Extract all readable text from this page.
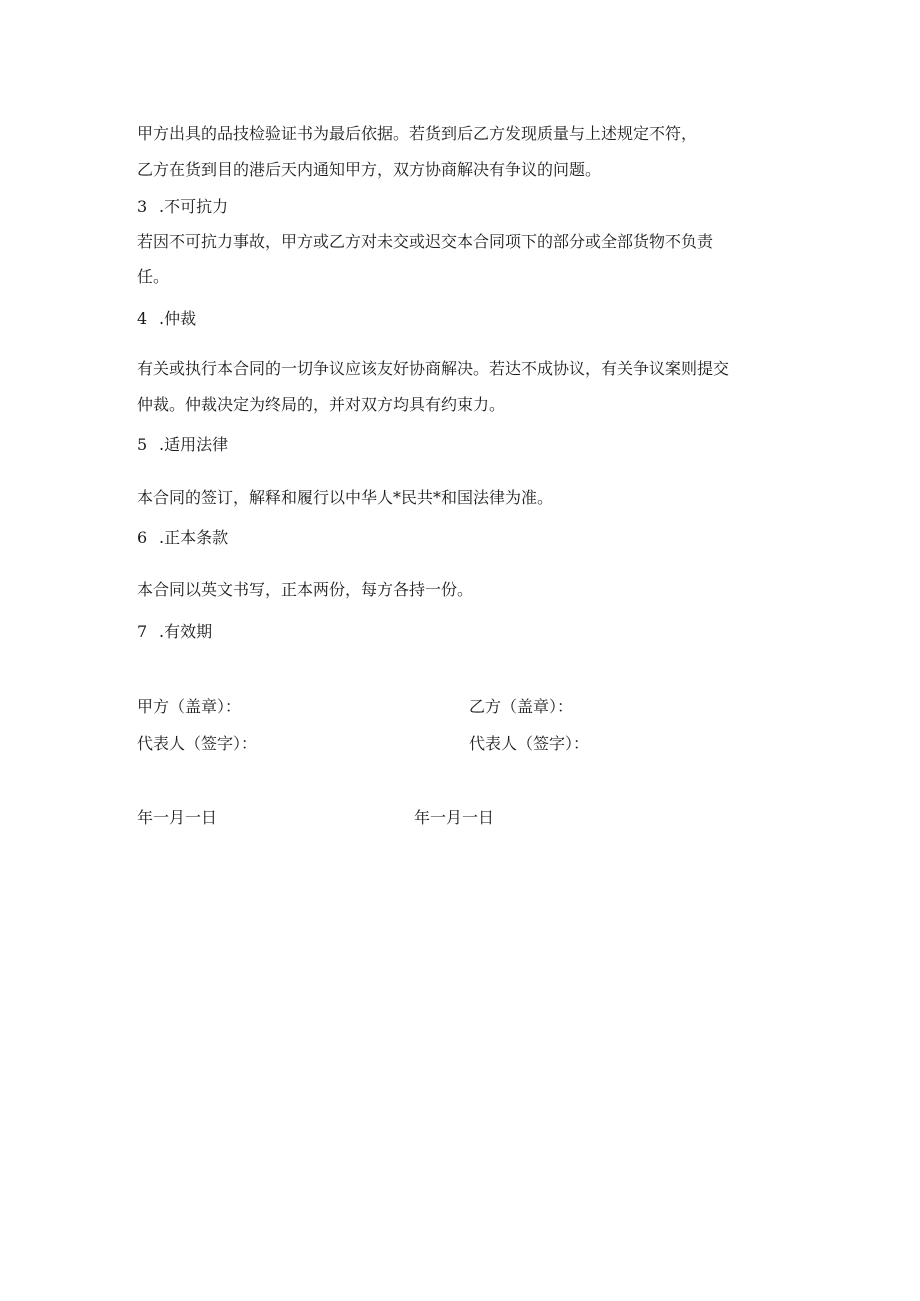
甲方出具的品技检验证书为最后依据。若货到后乙方发现质量与上述规定不符，
乙方在货到目的港后天内通知甲方，双方协商解决有争议的问题。
3 .不可抗力
若因不可抗力事故，甲方或乙方对未交或迟交本合同项下的部分或全部货物不负责
任。
4 .仲裁
有关或执行本合同的一切争议应该友好协商解决。若达不成协议，有关争议案则提交
仲裁。仲裁决定为终局的，并对双方均具有约束力。
5 .适用法律
本合同的签订，解释和履行以中华人*民共*和国法律为准。
6 .正本条款
本合同以英文书写，正本两份，每方各持一份。
7 .有效期
甲方（盖章）：	乙方（盖章）：
代表人（签字）：	代表人（签字）：
年一月一日	年一月一日
